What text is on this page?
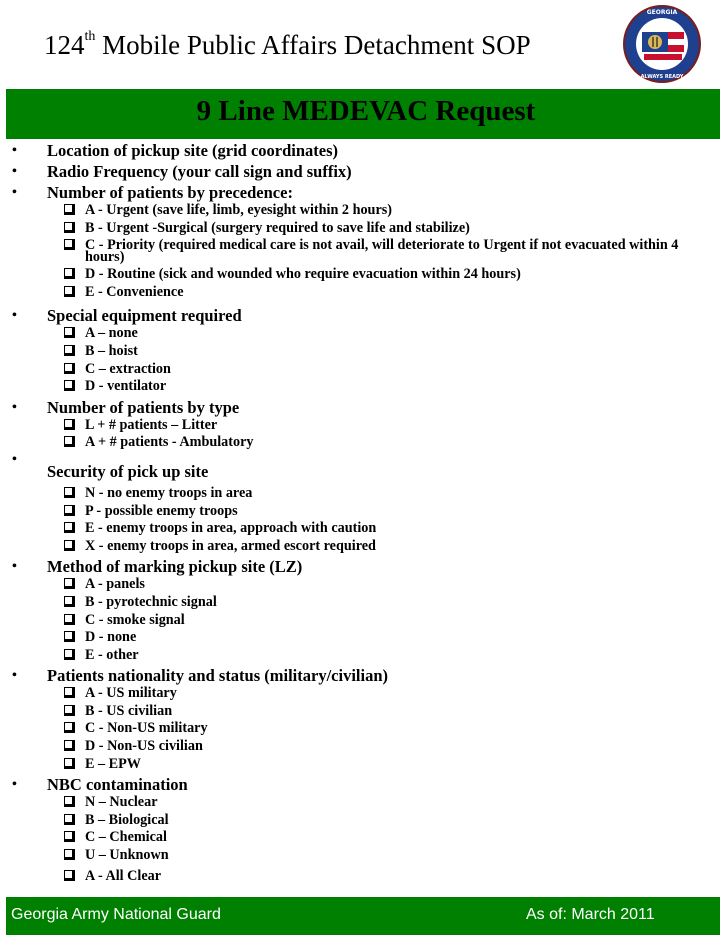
124th Mobile Public Affairs Detachment SOP
GEORGIA
ALWAYS READY
9 Line MEDEVAC Request
• Location of pickup site (grid coordinates)
• Radio Frequency (your call sign and suffix)
• Number of patients by precedence:
A - Urgent (save life, limb, eyesight within 2 hours)
B - Urgent -Surgical (surgery required to save life and stabilize)
C - Priority (required medical care is not avail, will deteriorate to Urgent if not evacuated within 4 hours)
D - Routine (sick and wounded who require evacuation within 24 hours)
E - Convenience
• Special equipment required
A – none
B – hoist
C – extraction
D - ventilator
• Number of patients by type
L + # patients – Litter
A + # patients - Ambulatory
•
Security of pick up site
N - no enemy troops in area
P - possible enemy troops
E - enemy troops in area, approach with caution
X - enemy troops in area, armed escort required
• Method of marking pickup site (LZ)
A - panels
B - pyrotechnic signal
C - smoke signal
D - none
E - other
• Patients nationality and status (military/civilian)
A - US military
B - US civilian
C - Non-US military
D - Non-US civilian
E – EPW
• NBC contamination
N – Nuclear
B – Biological
C – Chemical
U – Unknown
A - All Clear
Georgia Army National Guard	As of: March 2011
